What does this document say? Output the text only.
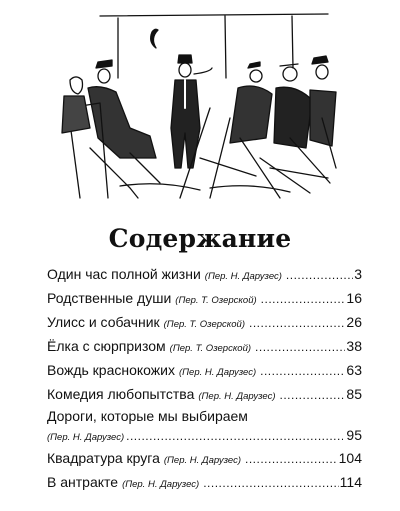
Содержание
Один час полной жизни (Пер. Н. Дарузес) .....	3
Родственные души (Пер. Т. Озерской) .....	16
Улисс и собачник (Пер. Т. Озерской) .....	26
Ёлка с сюрпризом (Пер. Т. Озерской) .....	38
Вождь краснокожих (Пер. Н. Дарузес) .....	63
Комедия любопытства (Пер. Н. Дарузес) .....	85
Дороги, которые мы выбираем
(Пер. Н. Дарузес) .....	95
Квадратура круга (Пер. Н. Дарузес) .....	104
В антракте (Пер. Н. Дарузес) .....	114
